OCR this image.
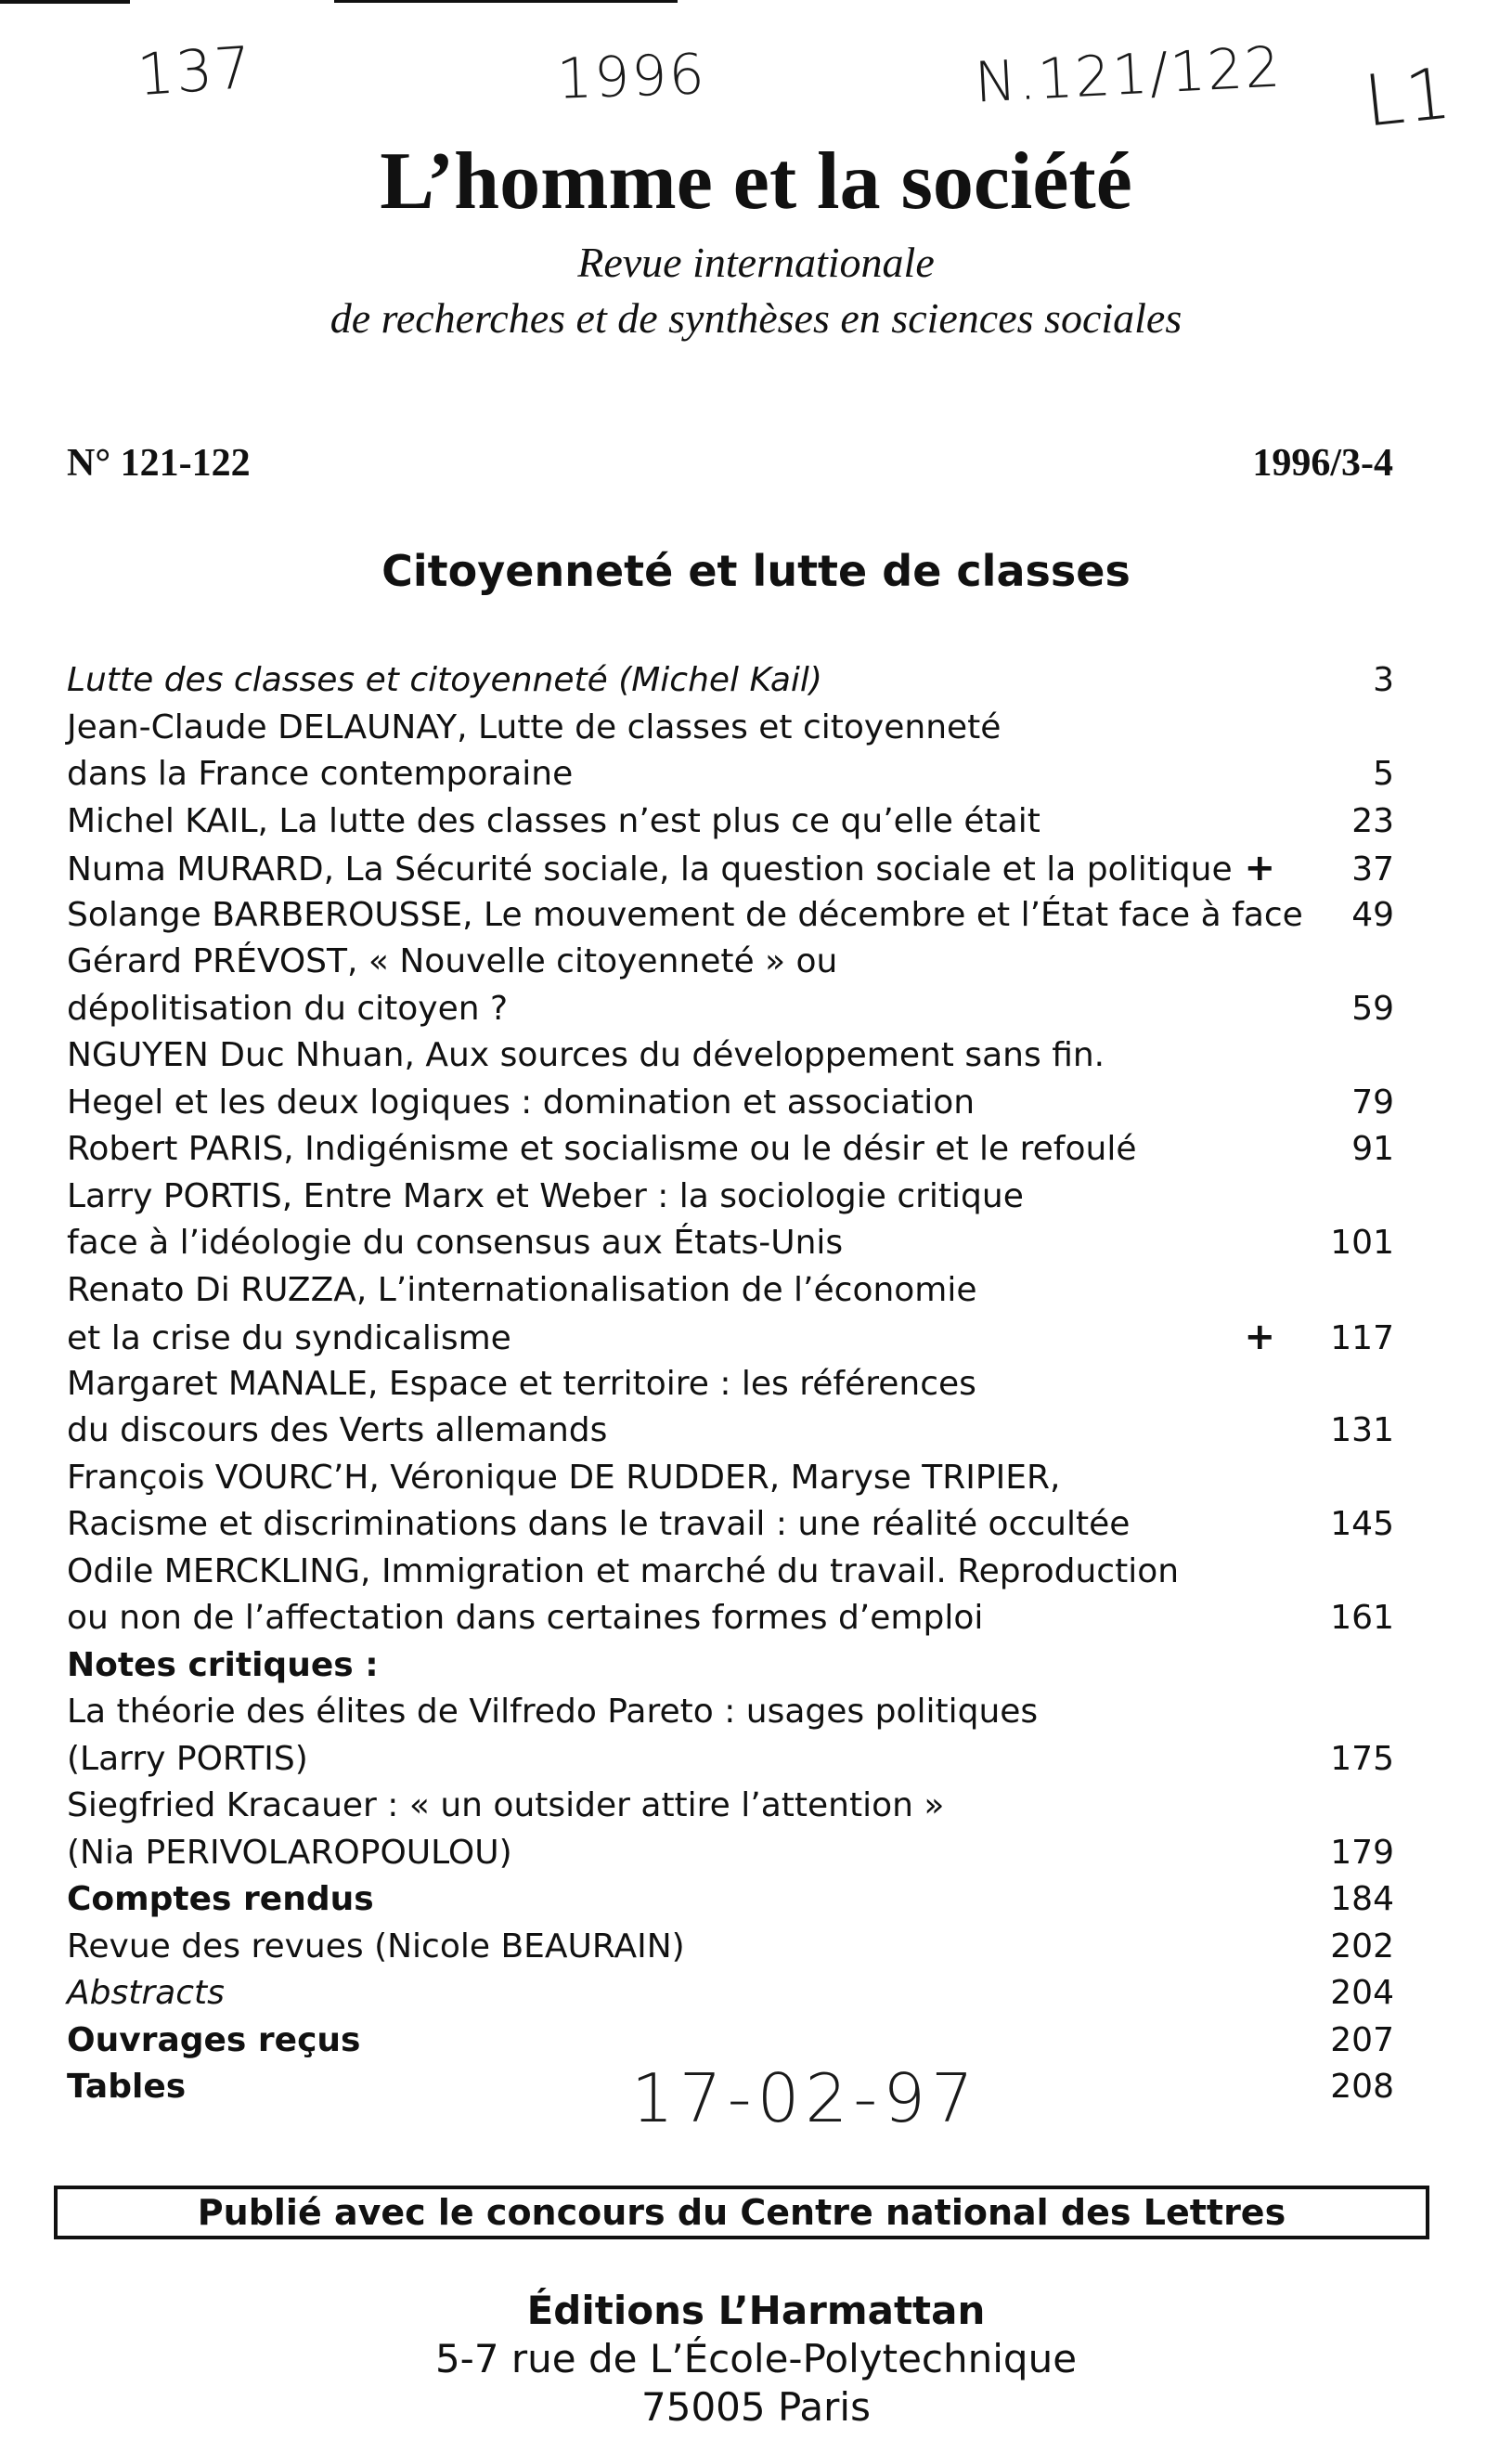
137	1996	N.121/122 L1
L’homme et la société
Revue internationale
de recherches et de synthèses en sciences sociales
N° 121-122	1996/3-4
Citoyenneté et lutte de classes
Lutte des classes et citoyenneté (Michel Kail)	3
Jean-Claude DELAUNAY, Lutte de classes et citoyenneté
dans la France contemporaine	5
Michel KAIL, La lutte des classes n’est plus ce qu’elle était	23
Numa MURARD, La Sécurité sociale, la question sociale et la politique +	37
Solange BARBEROUSSE, Le mouvement de décembre et l’État face à face	49
Gérard PRÉVOST, « Nouvelle citoyenneté » ou
dépolitisation du citoyen ?	59
NGUYEN Duc Nhuan, Aux sources du développement sans fin.
Hegel et les deux logiques : domination et association	79
Robert PARIS, Indigénisme et socialisme ou le désir et le refoulé	91
Larry PORTIS, Entre Marx et Weber : la sociologie critique
face à l’idéologie du consensus aux États-Unis	101
Renato Di RUZZA, L’internationalisation de l’économie
et la crise du syndicalisme	+	117
Margaret MANALE, Espace et territoire : les références
du discours des Verts allemands	131
François VOURC’H, Véronique DE RUDDER, Maryse TRIPIER,
Racisme et discriminations dans le travail : une réalité occultée	145
Odile MERCKLING, Immigration et marché du travail. Reproduction
ou non de l’affectation dans certaines formes d’emploi	161
Notes critiques :
La théorie des élites de Vilfredo Pareto : usages politiques
(Larry PORTIS)	175
Siegfried Kracauer : « un outsider attire l’attention »
(Nia PERIVOLAROPOULOU)	179
Comptes rendus	184
Revue des revues (Nicole BEAURAIN)	202
Abstracts	204
Ouvrages reçus	207
Tables	208
17-02-97
Publié avec le concours du Centre national des Lettres
Éditions L’Harmattan
5-7 rue de L’École-Polytechnique
75005 Paris
